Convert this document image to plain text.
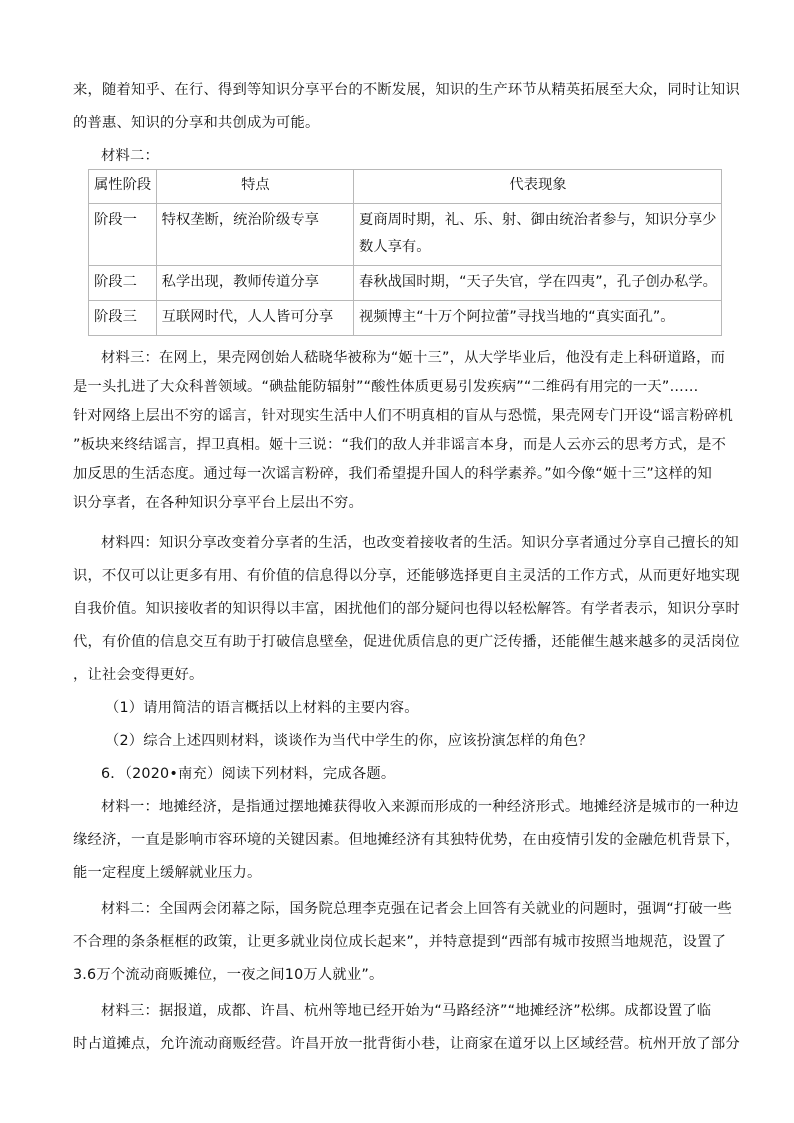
来，随着知乎、在行、得到等知识分享平台的不断发展，知识的生产环节从精英拓展至大众，同时让知识
的普惠、知识的分享和共创成为可能。
材料二：
属性阶段	特点	代表现象
阶段一	特权垄断，统治阶级专享	夏商周时期，礼、乐、射、御由统治者参与，知识分享少
数人享有。
阶段二	私学出现，教师传道分享	春秋战国时期，“天子失官，学在四夷”，孔子创办私学。
阶段三	互联网时代，人人皆可分享	视频博主“十万个阿拉蕾”寻找当地的“真实面孔”。
材料三：在网上，果壳网创始人嵇晓华被称为“姬十三”，从大学毕业后，他没有走上科研道路，而
是一头扎进了大众科普领域。“碘盐能防辐射”“酸性体质更易引发疾病”“二维码有用完的一天”……
针对网络上层出不穷的谣言，针对现实生活中人们不明真相的盲从与恐慌，果壳网专门开设“谣言粉碎机
”板块来终结谣言，捍卫真相。姬十三说：“我们的敌人并非谣言本身，而是人云亦云的思考方式，是不
加反思的生活态度。通过每一次谣言粉碎，我们希望提升国人的科学素养。”如今像“姬十三”这样的知
识分享者，在各种知识分享平台上层出不穷。
材料四：知识分享改变着分享者的生活，也改变着接收者的生活。知识分享者通过分享自己擅长的知
识，不仅可以让更多有用、有价值的信息得以分享，还能够选择更自主灵活的工作方式，从而更好地实现
自我价值。知识接收者的知识得以丰富，困扰他们的部分疑问也得以轻松解答。有学者表示，知识分享时
代，有价值的信息交互有助于打破信息壁垒，促进优质信息的更广泛传播，还能催生越来越多的灵活岗位
，让社会变得更好。
（1）请用简洁的语言概括以上材料的主要内容。
（2）综合上述四则材料，谈谈作为当代中学生的你，应该扮演怎样的角色？
6．（2020•南充）阅读下列材料，完成各题。
材料一：地摊经济，是指通过摆地摊获得收入来源而形成的一种经济形式。地摊经济是城市的一种边
缘经济，一直是影响市容环境的关键因素。但地摊经济有其独特优势，在由疫情引发的金融危机背景下，
能一定程度上缓解就业压力。
材料二：全国两会闭幕之际，国务院总理李克强在记者会上回答有关就业的问题时，强调“打破一些
不合理的条条框框的政策，让更多就业岗位成长起来”，并特意提到“西部有城市按照当地规范，设置了
3.6万个流动商贩摊位，一夜之间10万人就业”。
材料三：据报道，成都、许昌、杭州等地已经开始为“马路经济”“地摊经济”松绑。成都设置了临
时占道摊点，允许流动商贩经营。许昌开放一批背街小巷，让商家在道牙以上区域经营。杭州开放了部分
